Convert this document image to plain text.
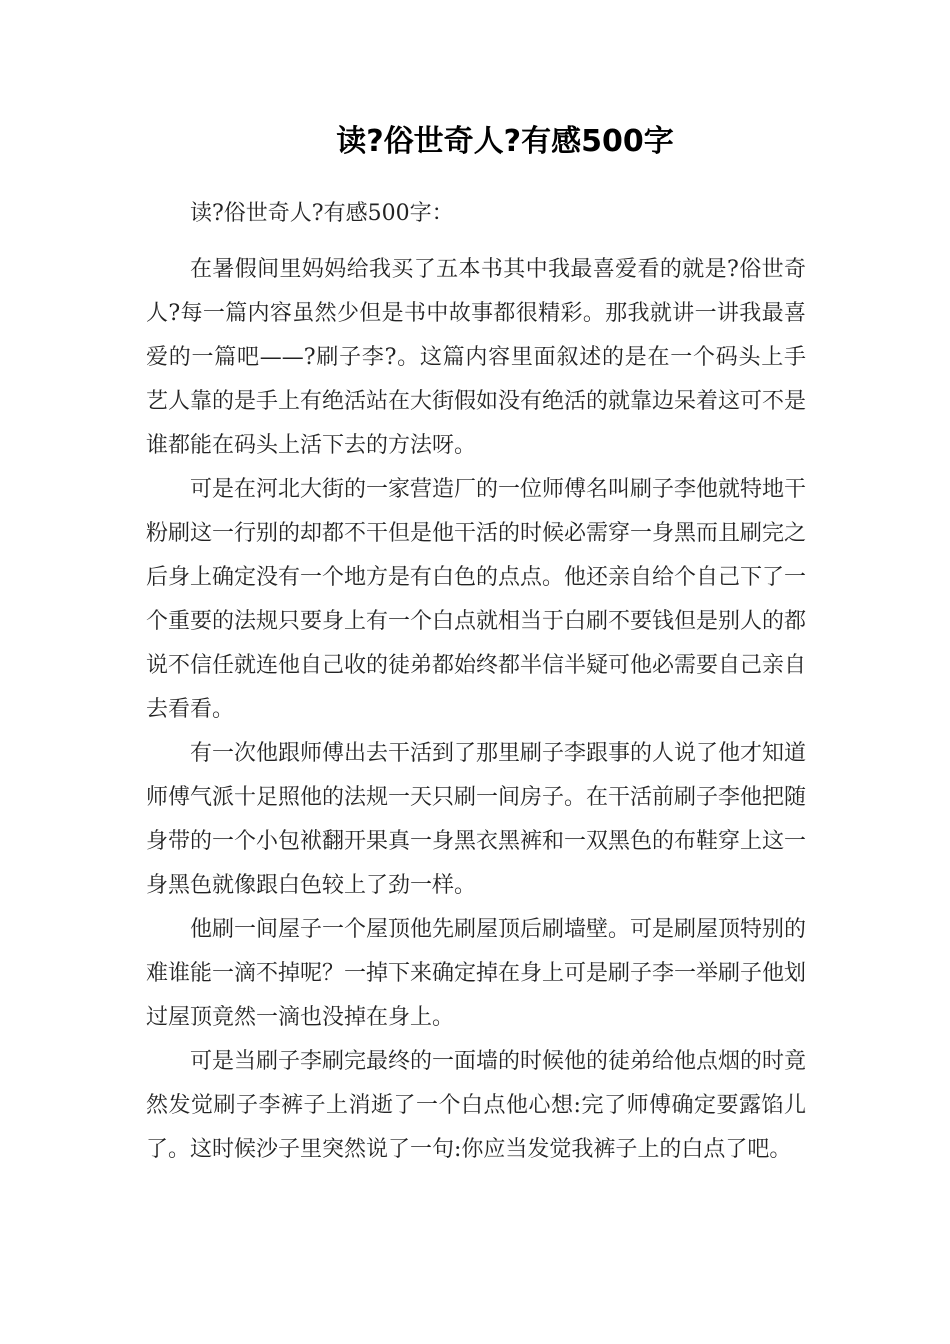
读?俗世奇人?有感500字

读?俗世奇人?有感500字：

在暑假间里妈妈给我买了五本书其中我最喜爱看的就是?俗世奇人?每一篇内容虽然少但是书中故事都很精彩。那我就讲一讲我最喜爱的一篇吧——?刷子李?。这篇内容里面叙述的是在一个码头上手艺人靠的是手上有绝活站在大街假如没有绝活的就靠边呆着这可不是谁都能在码头上活下去的方法呀。

可是在河北大街的一家营造厂的一位师傅名叫刷子李他就特地干粉刷这一行别的却都不干但是他干活的时候必需穿一身黑而且刷完之后身上确定没有一个地方是有白色的点点。他还亲自给个自己下了一个重要的法规只要身上有一个白点就相当于白刷不要钱但是别人的都说不信任就连他自己收的徒弟都始终都半信半疑可他必需要自己亲自去看看。

有一次他跟师傅出去干活到了那里刷子李跟事的人说了他才知道师傅气派十足照他的法规一天只刷一间房子。在干活前刷子李他把随身带的一个小包袱翻开果真一身黑衣黑裤和一双黑色的布鞋穿上这一身黑色就像跟白色较上了劲一样。

他刷一间屋子一个屋顶他先刷屋顶后刷墙壁。可是刷屋顶特别的难谁能一滴不掉呢？一掉下来确定掉在身上可是刷子李一举刷子他划过屋顶竟然一滴也没掉在身上。

可是当刷子李刷完最终的一面墙的时候他的徒弟给他点烟的时竟然发觉刷子李裤子上消逝了一个白点他心想:完了师傅确定要露馅儿了。这时候沙子里突然说了一句:你应当发觉我裤子上的白点了吧。
